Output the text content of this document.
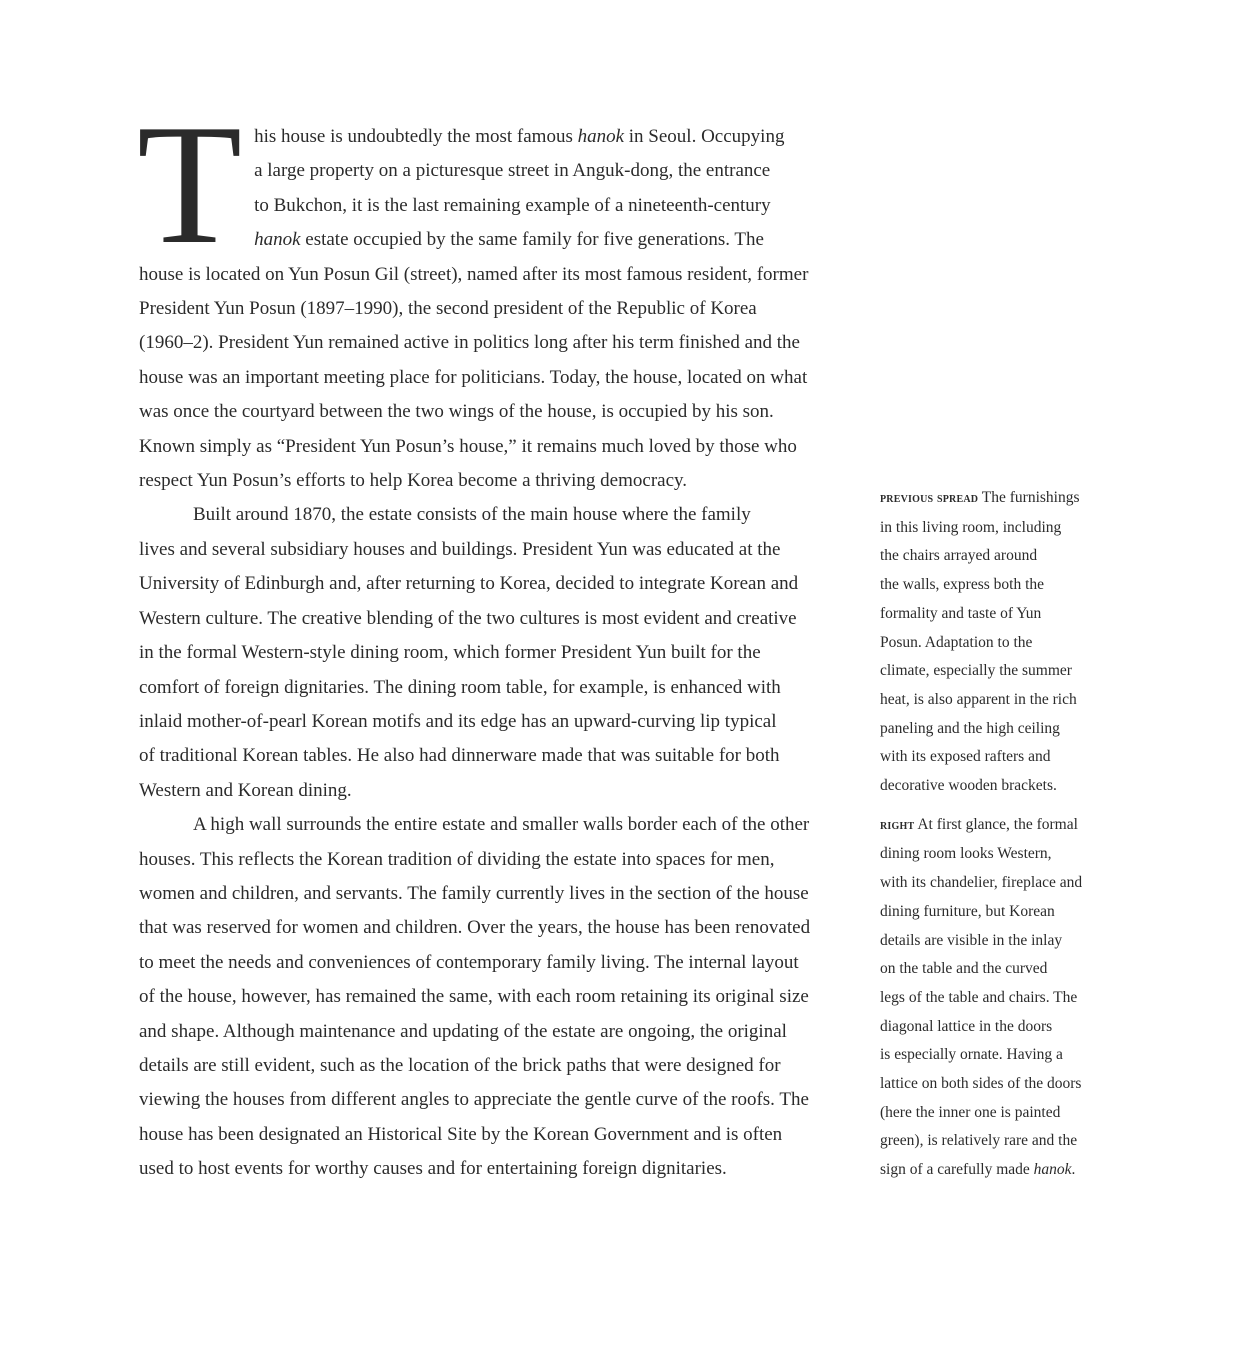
T his house is undoubtedly the most famous hanok in Seoul. Occupying
a large property on a picturesque street in Anguk-dong, the entrance
to Bukchon, it is the last remaining example of a nineteenth-century
hanok estate occupied by the same family for five generations. The
house is located on Yun Posun Gil (street), named after its most famous resident, former
President Yun Posun (1897–1990), the second president of the Republic of Korea
(1960–2). President Yun remained active in politics long after his term finished and the
house was an important meeting place for politicians. Today, the house, located on what
was once the courtyard between the two wings of the house, is occupied by his son.
Known simply as “President Yun Posun’s house,” it remains much loved by those who
respect Yun Posun’s efforts to help Korea become a thriving democracy.

Built around 1870, the estate consists of the main house where the family
lives and several subsidiary houses and buildings. President Yun was educated at the
University of Edinburgh and, after returning to Korea, decided to integrate Korean and
Western culture. The creative blending of the two cultures is most evident and creative
in the formal Western-style dining room, which former President Yun built for the
comfort of foreign dignitaries. The dining room table, for example, is enhanced with
inlaid mother-of-pearl Korean motifs and its edge has an upward-curving lip typical
of traditional Korean tables. He also had dinnerware made that was suitable for both
Western and Korean dining.

A high wall surrounds the entire estate and smaller walls border each of the other
houses. This reflects the Korean tradition of dividing the estate into spaces for men,
women and children, and servants. The family currently lives in the section of the house
that was reserved for women and children. Over the years, the house has been renovated
to meet the needs and conveniences of contemporary family living. The internal layout
of the house, however, has remained the same, with each room retaining its original size
and shape. Although maintenance and updating of the estate are ongoing, the original
details are still evident, such as the location of the brick paths that were designed for
viewing the houses from different angles to appreciate the gentle curve of the roofs. The
house has been designated an Historical Site by the Korean Government and is often
used to host events for worthy causes and for entertaining foreign dignitaries.

previous spread The furnishings
in this living room, including
the chairs arrayed around
the walls, express both the
formality and taste of Yun
Posun. Adaptation to the
climate, especially the summer
heat, is also apparent in the rich
paneling and the high ceiling
with its exposed rafters and
decorative wooden brackets.

right At first glance, the formal
dining room looks Western,
with its chandelier, fireplace and
dining furniture, but Korean
details are visible in the inlay
on the table and the curved
legs of the table and chairs. The
diagonal lattice in the doors
is especially ornate. Having a
lattice on both sides of the doors
(here the inner one is painted
green), is relatively rare and the
sign of a carefully made hanok.
